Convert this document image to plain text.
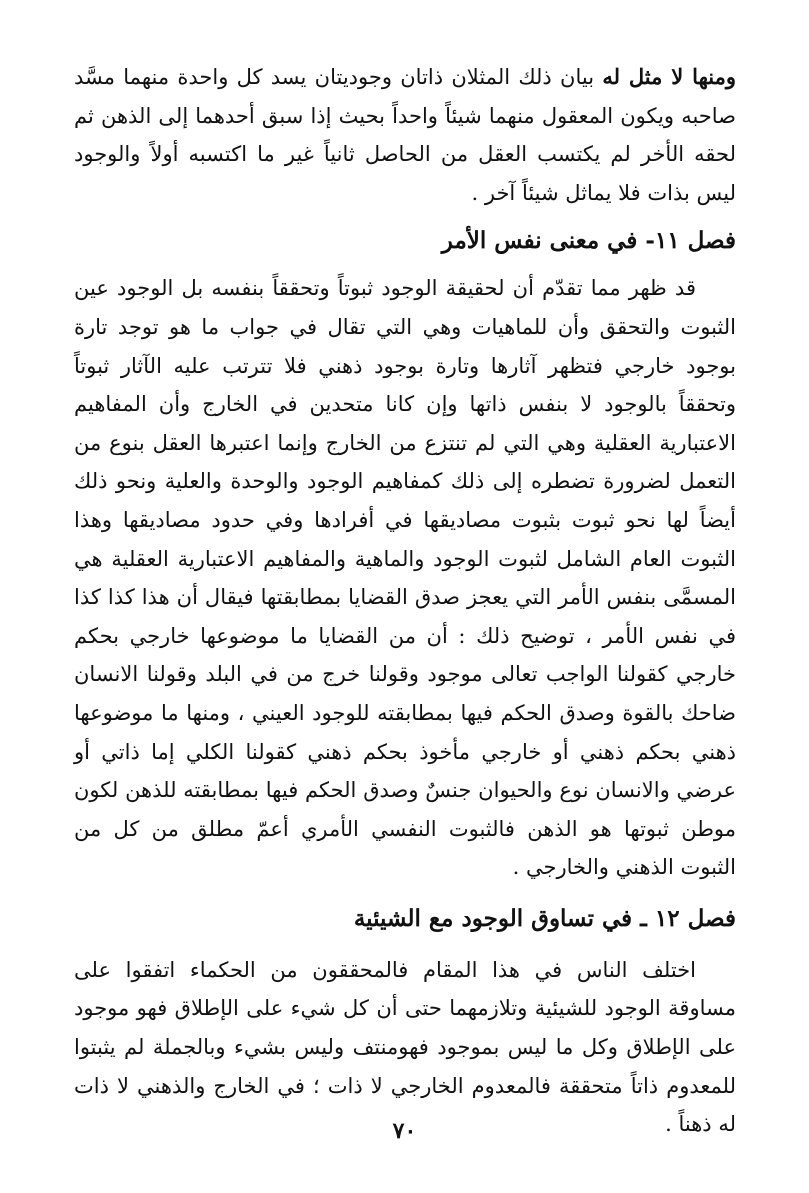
ومنها لا مثل له بيان ذلك المثلان ذاتان وجوديتان يسد كل واحدة منهما مسَّد صاحبه ويكون المعقول منهما شيئاً واحداً بحيث إذا سبق أحدهما إلى الذهن ثم لحقه الأخر لم يكتسب العقل من الحاصل ثانياً غير ما اكتسبه أولاً والوجود ليس بذات فلا يماثل شيئاً آخر .

فصل ١١- في معنى نفس الأمر

قد ظهر مما تقدّم أن لحقيقة الوجود ثبوتاً وتحققاً بنفسه بل الوجود عين الثبوت والتحقق وأن للماهيات وهي التي تقال في جواب ما هو توجد تارة بوجود خارجي فتظهر آثارها وتارة بوجود ذهني فلا تترتب عليه الآثار ثبوتاً وتحققاً بالوجود لا بنفس ذاتها وإن كانا متحدين في الخارج وأن المفاهيم الاعتبارية العقلية وهي التي لم تنتزع من الخارج وإنما اعتبرها العقل بنوع من التعمل لضرورة تضطره إلى ذلك كمفاهيم الوجود والوحدة والعلية ونحو ذلك أيضاً لها نحو ثبوت بثبوت مصاديقها في أفرادها وفي حدود مصاديقها وهذا الثبوت العام الشامل لثبوت الوجود والماهية والمفاهيم الاعتبارية العقلية هي المسمَّى بنفس الأمر التي يعجز صدق القضايا بمطابقتها فيقال أن هذا كذا كذا في نفس الأمر ، توضيح ذلك : أن من القضايا ما موضوعها خارجي بحكم خارجي كقولنا الواجب تعالى موجود وقولنا خرج من في البلد وقولنا الانسان ضاحك بالقوة وصدق الحكم فيها بمطابقته للوجود العيني ، ومنها ما موضوعها ذهني بحكم ذهني أو خارجي مأخوذ بحكم ذهني كقولنا الكلي إما ذاتي أو عرضي والانسان نوع والحيوان جنسٌ وصدق الحكم فيها بمطابقته للذهن لكون موطن ثبوتها هو الذهن فالثبوت النفسي الأمري أعمّ مطلق من كل من الثبوت الذهني والخارجي .

فصل ١٢ ـ في تساوق الوجود مع الشيئية

اختلف الناس في هذا المقام فالمحققون من الحكماء اتفقوا على مساوقة الوجود للشيئية وتلازمهما حتى أن كل شيء على الإطلاق فهو موجود على الإطلاق وكل ما ليس بموجود فهومنتف وليس بشيء وبالجملة لم يثبتوا للمعدوم ذاتاً متحققة فالمعدوم الخارجي لا ذات ؛ في الخارج والذهني لا ذات له ذهناً .

٧٠
